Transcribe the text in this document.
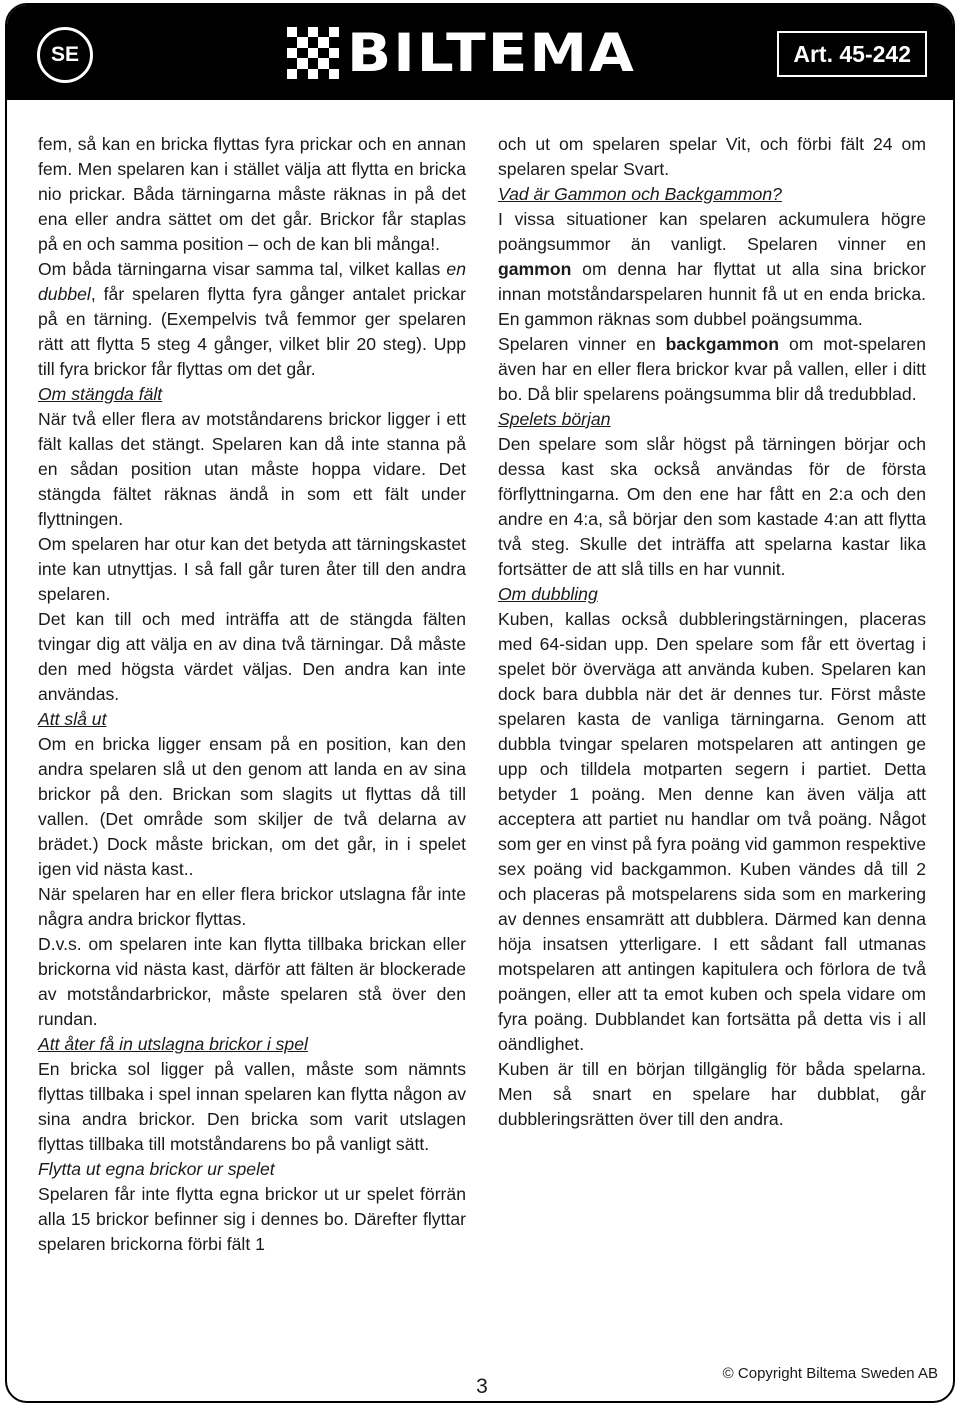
SE	BILTEMA	Art. 45-242

fem, så kan en bricka flyttas fyra prickar och en annan fem. Men spelaren kan i stället välja att flytta en bricka nio prickar. Båda tärningarna måste räknas in på det ena eller andra sättet om det går. Brickor får staplas på en och samma position – och de kan bli många!.

Om båda tärningarna visar samma tal, vilket kallas en dubbel, får spelaren flytta fyra gånger antalet prickar på en tärning. (Exempelvis två femmor ger spelaren rätt att flytta 5 steg 4 gånger, vilket blir 20 steg). Upp till fyra brickor får flyttas om det går.

Om stängda fält

När två eller flera av motståndarens brickor ligger i ett fält kallas det stängt. Spelaren kan då inte stanna på en sådan position utan måste hoppa vidare. Det stängda fältet räknas ändå in som ett fält under flyttningen.

Om spelaren har otur kan det betyda att tärningskastet inte kan utnyttjas. I så fall går turen åter till den andra spelaren.

Det kan till och med inträffa att de stängda fälten tvingar dig att välja en av dina två tärningar. Då måste den med högsta värdet väljas. Den andra kan inte användas.

Att slå ut

Om en bricka ligger ensam på en position, kan den andra spelaren slå ut den genom att landa en av sina brickor på den. Brickan som slagits ut flyttas då till vallen. (Det område som skiljer de två delarna av brädet.) Dock måste brickan, om det går, in i spelet igen vid nästa kast..

När spelaren har en eller flera brickor utslagna får inte några andra brickor flyttas.

D.v.s. om spelaren inte kan flytta tillbaka brickan eller brickorna vid nästa kast, därför att fälten är blockerade av motståndarbrickor, måste spelaren stå över den rundan.

Att åter få in utslagna brickor i spel

En bricka sol ligger på vallen, måste som nämnts flyttas tillbaka i spel innan spelaren kan flytta någon av sina andra brickor. Den bricka som varit utslagen flyttas tillbaka till motståndarens bo på vanligt sätt.

Flytta ut egna brickor ur spelet

Spelaren får inte flytta egna brickor ut ur spelet förrän alla 15 brickor befinner sig i dennes bo. Därefter flyttar spelaren brickorna förbi fält 1

och ut om spelaren spelar Vit, och förbi fält 24 om spelaren spelar Svart.

Vad är Gammon och Backgammon?

I vissa situationer kan spelaren ackumulera högre poängsummor än vanligt. Spelaren vinner en gammon om denna har flyttat ut alla sina brickor innan motståndarspelaren hunnit få ut en enda bricka. En gammon räknas som dubbel poängsumma.

Spelaren vinner en backgammon om mot-spelaren även har en eller flera brickor kvar på vallen, eller i ditt bo. Då blir spelarens poängsumma blir då tredubblad.

Spelets början

Den spelare som slår högst på tärningen börjar och dessa kast ska också användas för de första förflyttningarna. Om den ene har fått en 2:a och den andre en 4:a, så börjar den som kastade 4:an att flytta två steg. Skulle det inträffa att spelarna kastar lika fortsätter de att slå tills en har vunnit.

Om dubbling

Kuben, kallas också dubbleringstärningen, placeras med 64-sidan upp. Den spelare som får ett övertag i spelet bör överväga att använda kuben. Spelaren kan dock bara dubbla när det är dennes tur. Först måste spelaren kasta de vanliga tärningarna. Genom att dubbla tvingar spelaren motspelaren att antingen ge upp och tilldela motparten segern i partiet. Detta betyder 1 poäng. Men denne kan även välja att acceptera att partiet nu handlar om två poäng. Något som ger en vinst på fyra poäng vid gammon respektive sex poäng vid backgammon. Kuben vändes då till 2 och placeras på motspelarens sida som en markering av dennes ensamrätt att dubblera. Därmed kan denna höja insatsen ytterligare. I ett sådant fall utmanas motspelaren att antingen kapitulera och förlora de två poängen, eller att ta emot kuben och spela vidare om fyra poäng. Dubblandet kan fortsätta på detta vis i all oändlighet.

Kuben är till en början tillgänglig för båda spelarna. Men så snart en spelare har dubblat, går dubbleringsrätten över till den andra.

3
© Copyright Biltema Sweden AB
